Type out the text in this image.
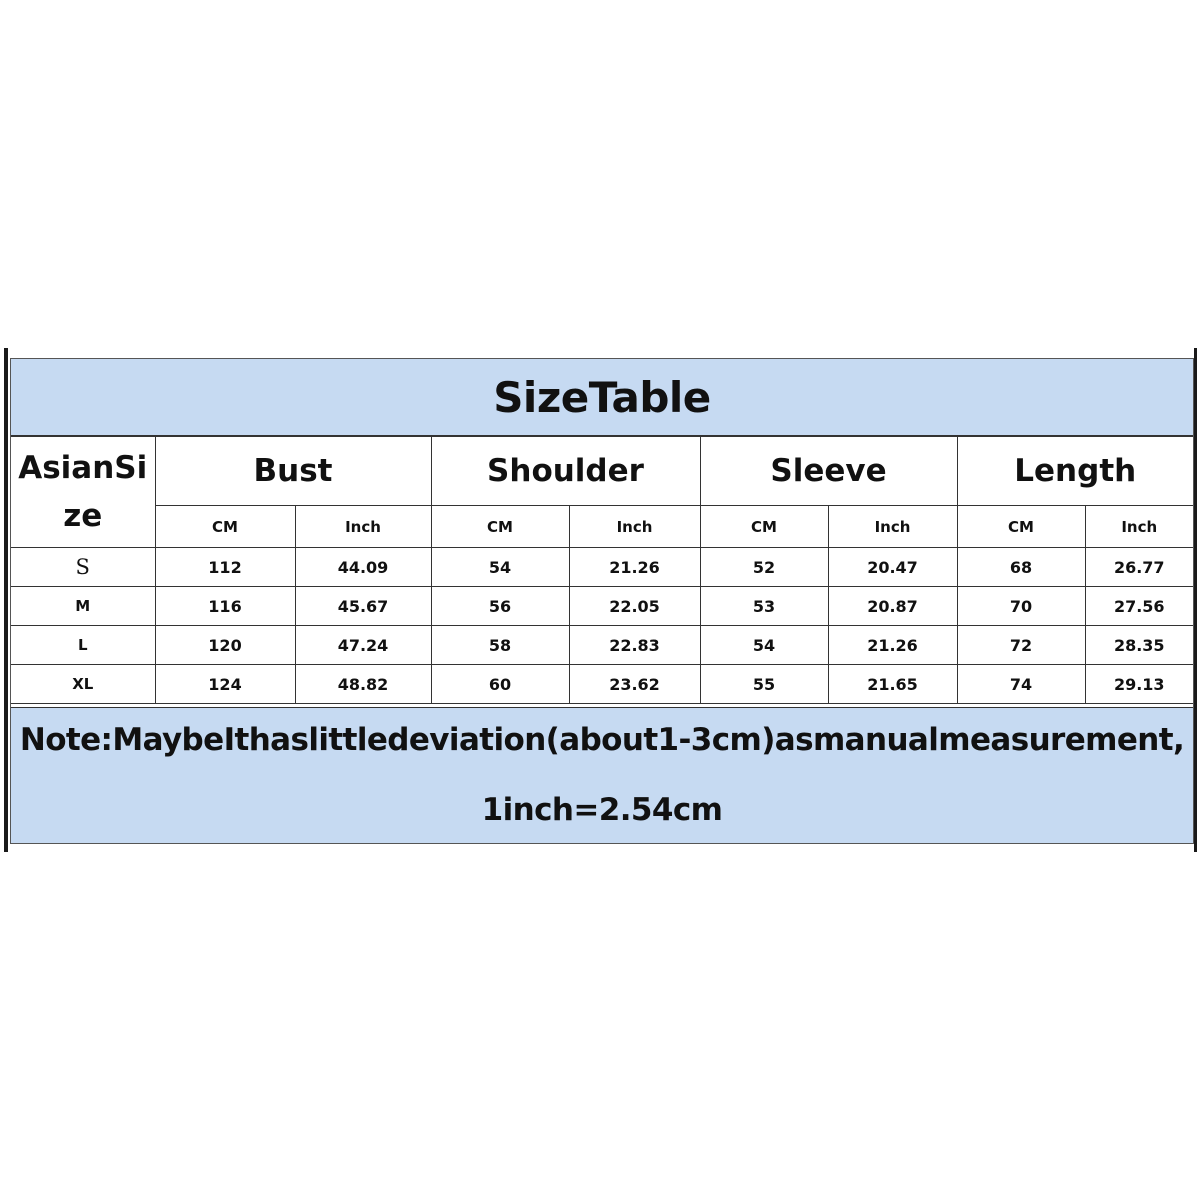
SizeTable
AsianSize	Bust		Shoulder		Sleeve		Length	
	CM	Inch	CM	Inch	CM	Inch	CM	Inch
S	112	44.09	54	21.26	52	20.47	68	26.77
M	116	45.67	56	22.05	53	20.87	70	27.56
L	120	47.24	58	22.83	54	21.26	72	28.35
XL	124	48.82	60	23.62	55	21.65	74	29.13
Note:MaybeIthaslittledeviation(about1-3cm)asmanualmeasurement,
1inch=2.54cm
